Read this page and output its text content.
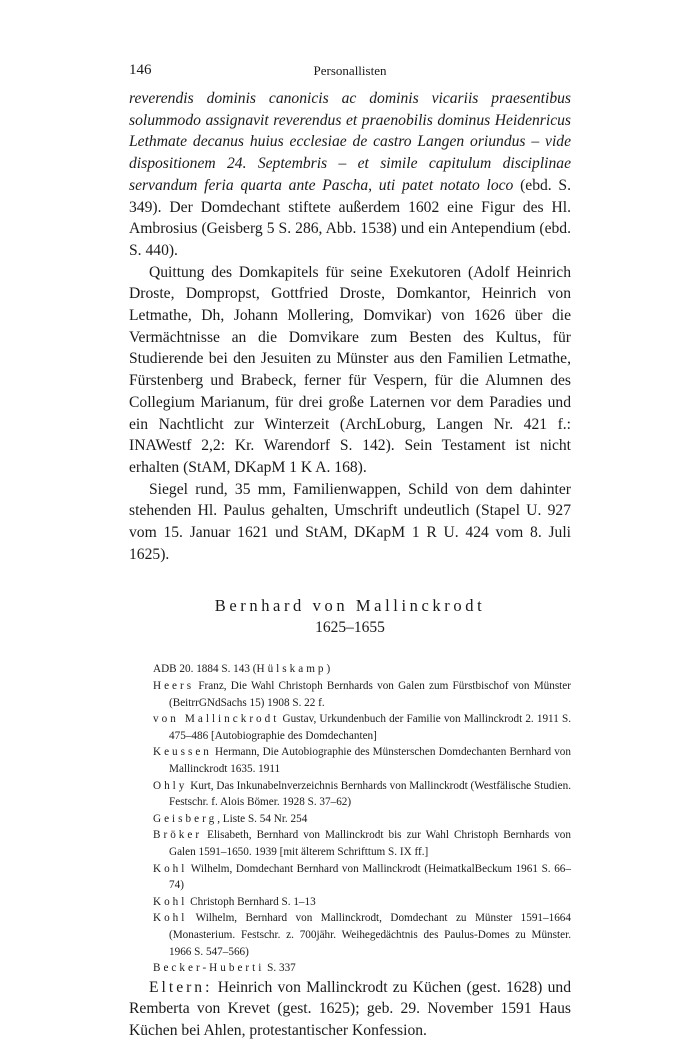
146	Personallisten

reverendis dominis canonicis ac dominis vicariis praesentibus solummodo assignavit reverendus et praenobilis dominus Heidenricus Lethmate decanus huius ecclesiae de castro Langen oriundus – vide dispositionem 24. Septembris – et simile capitulum disciplinae servandum feria quarta ante Pascha, uti patet notato loco (ebd. S. 349). Der Domdechant stiftete außerdem 1602 eine Figur des Hl. Ambrosius (Geisberg 5 S. 286, Abb. 1538) und ein Antependium (ebd. S. 440).

Quittung des Domkapitels für seine Exekutoren (Adolf Heinrich Droste, Dompropst, Gottfried Droste, Domkantor, Heinrich von Letmathe, Dh, Johann Mollering, Domvikar) von 1626 über die Vermächtnisse an die Domvikare zum Besten des Kultus, für Studierende bei den Jesuiten zu Münster aus den Familien Letmathe, Fürstenberg und Brabeck, ferner für Vespern, für die Alumnen des Collegium Marianum, für drei große Laternen vor dem Paradies und ein Nachtlicht zur Winterzeit (ArchLoburg, Langen Nr. 421 f.: INAWestf 2,2: Kr. Warendorf S. 142). Sein Testament ist nicht erhalten (StAM, DKapM 1 K A. 168).

Siegel rund, 35 mm, Familienwappen, Schild von dem dahinter stehenden Hl. Paulus gehalten, Umschrift undeutlich (Stapel U. 927 vom 15. Januar 1621 und StAM, DKapM 1 R U. 424 vom 8. Juli 1625).

Bernhard von Mallinckrodt
1625–1655
ADB 20. 1884 S. 143 (Hülskamp)
Heers Franz, Die Wahl Christoph Bernhards von Galen zum Fürstbischof von Münster (BeitrrGNdSachs 15) 1908 S. 22 f.
von Mallinckrodt Gustav, Urkundenbuch der Familie von Mallinckrodt 2. 1911 S. 475–486 [Autobiographie des Domdechanten]
Keussen Hermann, Die Autobiographie des Münsterschen Domdechanten Bernhard von Mallinckrodt 1635. 1911
Ohly Kurt, Das Inkunabelnverzeichnis Bernhards von Mallinckrodt (Westfälische Studien. Festschr. f. Alois Bömer. 1928 S. 37–62)
Geisberg, Liste S. 54 Nr. 254
Bröker Elisabeth, Bernhard von Mallinckrodt bis zur Wahl Christoph Bernhards von Galen 1591–1650. 1939 [mit älterem Schrifttum S. IX ff.]
Kohl Wilhelm, Domdechant Bernhard von Mallinckrodt (HeimatkalBeckum 1961 S. 66–74)
Kohl Christoph Bernhard S. 1–13
Kohl Wilhelm, Bernhard von Mallinckrodt, Domdechant zu Münster 1591–1664 (Monasterium. Festschr. z. 700jähr. Weihegedächtnis des Paulus-Domes zu Münster. 1966 S. 547–566)
Becker-Huberti S. 337

Eltern: Heinrich von Mallinckrodt zu Küchen (gest. 1628) und Remberta von Krevet (gest. 1625); geb. 29. November 1591 Haus Küchen bei Ahlen, protestantischer Konfession.
